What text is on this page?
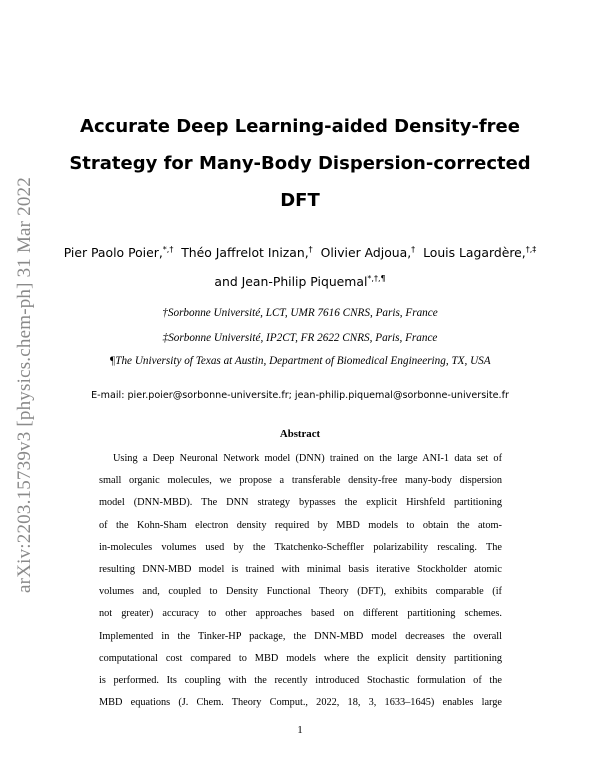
arXiv:2203.15739v3 [physics.chem-ph] 31 Mar 2022
Accurate Deep Learning-aided Density-free
Strategy for Many-Body Dispersion-corrected
DFT
Pier Paolo Poier,*,† Théo Jaffrelot Inizan,† Olivier Adjoua,† Louis Lagardère,†,‡
and Jean-Philip Piquemal*,†,¶
†Sorbonne Université, LCT, UMR 7616 CNRS, Paris, France
‡Sorbonne Université, IP2CT, FR 2622 CNRS, Paris, France
¶The University of Texas at Austin, Department of Biomedical Engineering, TX, USA
E-mail: pier.poier@sorbonne-universite.fr; jean-philip.piquemal@sorbonne-universite.fr
Abstract
Using a Deep Neuronal Network model (DNN) trained on the large ANI-1 data set of
small organic molecules, we propose a transferable density-free many-body dispersion
model (DNN-MBD). The DNN strategy bypasses the explicit Hirshfeld partitioning
of the Kohn-Sham electron density required by MBD models to obtain the atom-
in-molecules volumes used by the Tkatchenko-Scheffler polarizability rescaling. The
resulting DNN-MBD model is trained with minimal basis iterative Stockholder atomic
volumes and, coupled to Density Functional Theory (DFT), exhibits comparable (if
not greater) accuracy to other approaches based on different partitioning schemes.
Implemented in the Tinker-HP package, the DNN-MBD model decreases the overall
computational cost compared to MBD models where the explicit density partitioning
is performed. Its coupling with the recently introduced Stochastic formulation of the
MBD equations (J. Chem. Theory Comput., 2022, 18, 3, 1633–1645) enables large
1
